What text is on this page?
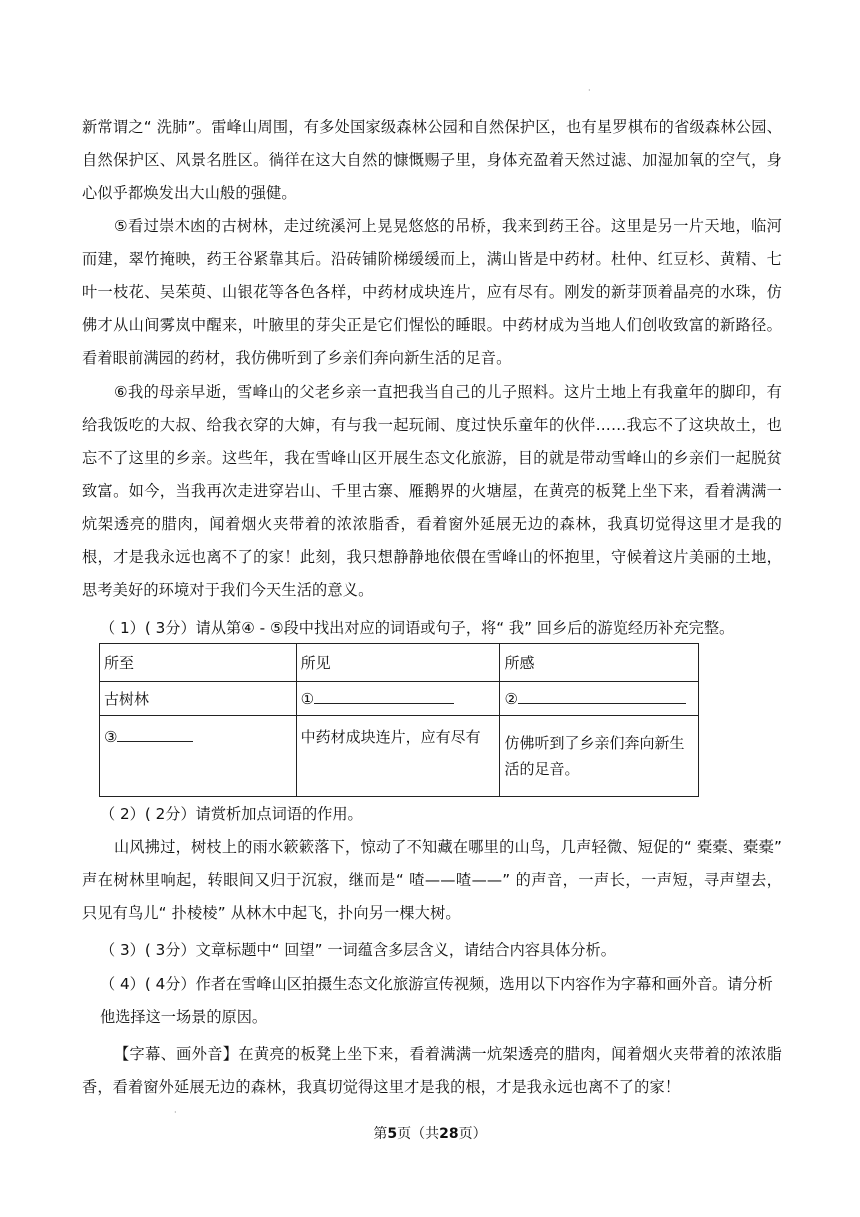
·

新常谓之“ 洗肺”。雷峰山周围，有多处国家级森林公园和自然保护区，也有星罗棋布的省级森林公园、自然保护区、风景名胜区。徜徉在这大自然的慷慨赐子里，身体充盈着天然过滤、加湿加氧的空气，身心似乎都焕发出大山般的强健。

⑤看过崇木凼的古树林，走过统溪河上晃晃悠悠的吊桥，我来到药王谷。这里是另一片天地，临河而建，翠竹掩映，药王谷紧靠其后。沿砖铺阶梯缓缓而上，满山皆是中药材。杜仲、红豆杉、黄精、七叶一枝花、吴茱萸、山银花等各色各样，中药材成块连片，应有尽有。刚发的新芽顶着晶亮的水珠，仿佛才从山间雾岚中醒来，叶腋里的芽尖正是它们惺忪的睡眼。中药材成为当地人们创收致富的新路径。看着眼前满园的药材，我仿佛听到了乡亲们奔向新生活的足音。

⑥我的母亲早逝，雪峰山的父老乡亲一直把我当自己的儿子照料。这片土地上有我童年的脚印，有给我饭吃的大叔、给我衣穿的大婶，有与我一起玩闹、度过快乐童年的伙伴……我忘不了这块故土，也忘不了这里的乡亲。这些年，我在雪峰山区开展生态文化旅游，目的就是带动雪峰山的乡亲们一起脱贫致富。如今，当我再次走进穿岩山、千里古寨、雁鹅界的火塘屋，在黄亮的板凳上坐下来，看着满满一炕架透亮的腊肉，闻着烟火夹带着的浓浓脂香，看着窗外延展无边的森林，我真切觉得这里才是我的根，才是我永远也离不了的家！此刻，我只想静静地依偎在雪峰山的怀抱里，守候着这片美丽的土地，思考美好的环境对于我们今天生活的意义。

（ 1）( 3分）请从第④ - ⑤段中找出对应的词语或句子，将“ 我” 回乡后的游览经历补充完整。

所至	所见	所感
古树林	①	②
③	中药材成块连片，应有尽有	仿佛听到了乡亲们奔向新生活的足音。

（ 2）( 2分）请赏析加点词语的作用。

山风拂过，树枝上的雨水簌簌落下，惊动了不知藏在哪里的山鸟，几声轻微、短促的“ 橐橐、橐橐” 声在树林里响起，转眼间又归于沉寂，继而是“ 喳——喳——” 的声音，一声长，一声短，寻声望去，只见有鸟儿“ 扑棱棱” 从林木中起飞，扑向另一棵大树。

（ 3）( 3分）文章标题中“ 回望” 一词蕴含多层含义，请结合内容具体分析。

（ 4）( 4分）作者在雪峰山区拍摄生态文化旅游宣传视频，选用以下内容作为字幕和画外音。请分析他选择这一场景的原因。

【字幕、画外音】在黄亮的板凳上坐下来，看着满满一炕架透亮的腊肉，闻着烟火夹带着的浓浓脂香，看着窗外延展无边的森林，我真切觉得这里才是我的根，才是我永远也离不了的家！

·
第5页（共28页）
